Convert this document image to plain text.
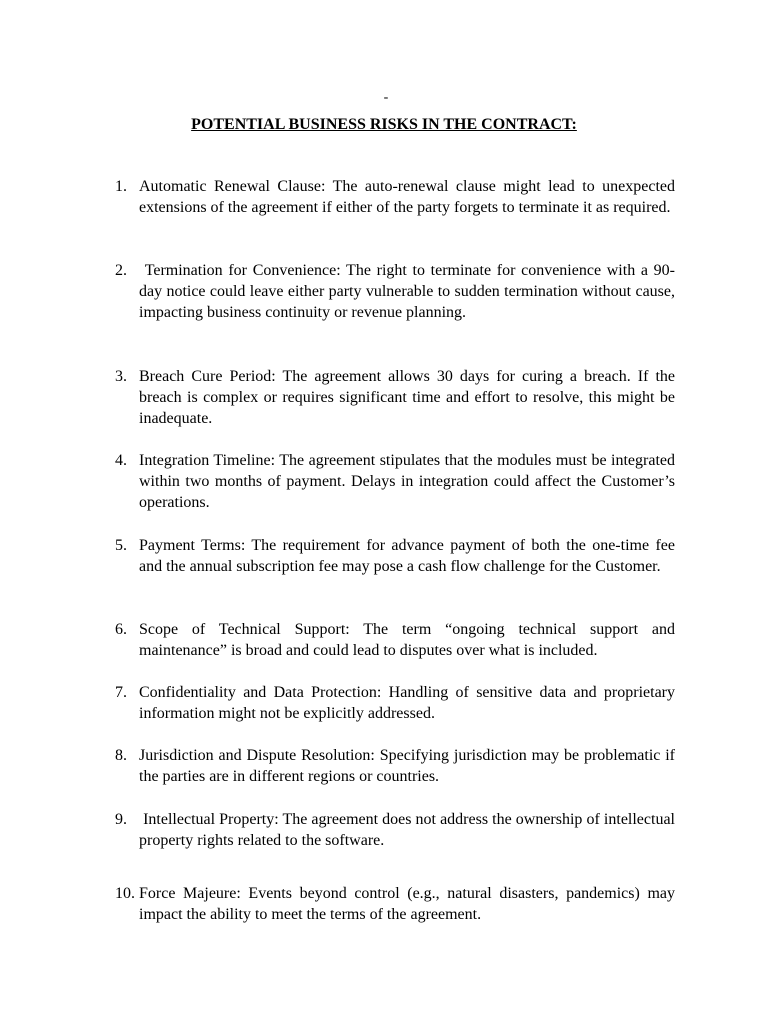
-
POTENTIAL BUSINESS RISKS IN THE CONTRACT:
1. Automatic Renewal Clause: The auto-renewal clause might lead to unexpected extensions of the agreement if either of the party forgets to terminate it as required.
2. Termination for Convenience: The right to terminate for convenience with a 90-day notice could leave either party vulnerable to sudden termination without cause, impacting business continuity or revenue planning.
3. Breach Cure Period: The agreement allows 30 days for curing a breach. If the breach is complex or requires significant time and effort to resolve, this might be inadequate.
4. Integration Timeline: The agreement stipulates that the modules must be integrated within two months of payment. Delays in integration could affect the Customer’s operations.
5. Payment Terms: The requirement for advance payment of both the one-time fee and the annual subscription fee may pose a cash flow challenge for the Customer.
6. Scope of Technical Support: The term “ongoing technical support and maintenance” is broad and could lead to disputes over what is included.
7. Confidentiality and Data Protection: Handling of sensitive data and proprietary information might not be explicitly addressed.
8. Jurisdiction and Dispute Resolution: Specifying jurisdiction may be problematic if the parties are in different regions or countries.
9. Intellectual Property: The agreement does not address the ownership of intellectual property rights related to the software.
10. Force Majeure: Events beyond control (e.g., natural disasters, pandemics) may impact the ability to meet the terms of the agreement.
